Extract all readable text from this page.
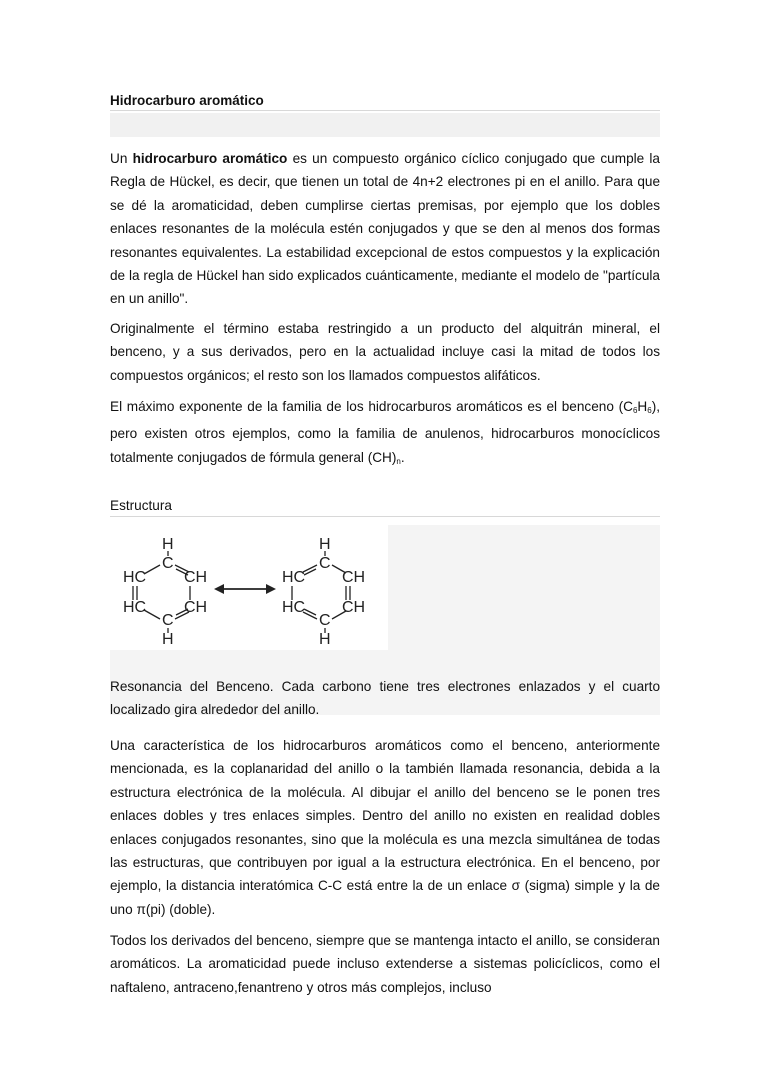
Hidrocarburo aromático

Un hidrocarburo aromático es un compuesto orgánico cíclico conjugado que cumple la Regla de Hückel, es decir, que tienen un total de 4n+2 electrones pi en el anillo. Para que se dé la aromaticidad, deben cumplirse ciertas premisas, por ejemplo que los dobles enlaces resonantes de la molécula estén conjugados y que se den al menos dos formas resonantes equivalentes. La estabilidad excepcional de estos compuestos y la explicación de la regla de Hückel han sido explicados cuánticamente, mediante el modelo de "partícula en un anillo".

Originalmente el término estaba restringido a un producto del alquitrán mineral, el benceno, y a sus derivados, pero en la actualidad incluye casi la mitad de todos los compuestos orgánicos; el resto son los llamados compuestos alifáticos.

El máximo exponente de la familia de los hidrocarburos aromáticos es el benceno $(C_6H_6)$, pero existen otros ejemplos, como la familia de anulenos, hidrocarburos monocíclicos totalmente conjugados de fórmula general $(CH)_n$.

Estructura
H
C
HC CH
HC CH
C
H
H
C
HC CH
HC CH
C
H

Resonancia del Benceno. Cada carbono tiene tres electrones enlazados y el cuarto localizado gira alrededor del anillo.

Una característica de los hidrocarburos aromáticos como el benceno, anteriormente mencionada, es la coplanaridad del anillo o la también llamada resonancia, debida a la estructura electrónica de la molécula. Al dibujar el anillo del benceno se le ponen tres enlaces dobles y tres enlaces simples. Dentro del anillo no existen en realidad dobles enlaces conjugados resonantes, sino que la molécula es una mezcla simultánea de todas las estructuras, que contribuyen por igual a la estructura electrónica. En el benceno, por ejemplo, la distancia interatómica C-C está entre la de un enlace σ (sigma) simple y la de uno π(pi) (doble).

Todos los derivados del benceno, siempre que se mantenga intacto el anillo, se consideran aromáticos. La aromaticidad puede incluso extenderse a sistemas policíclicos, como el naftaleno, antraceno,fenantreno y otros más complejos, incluso
